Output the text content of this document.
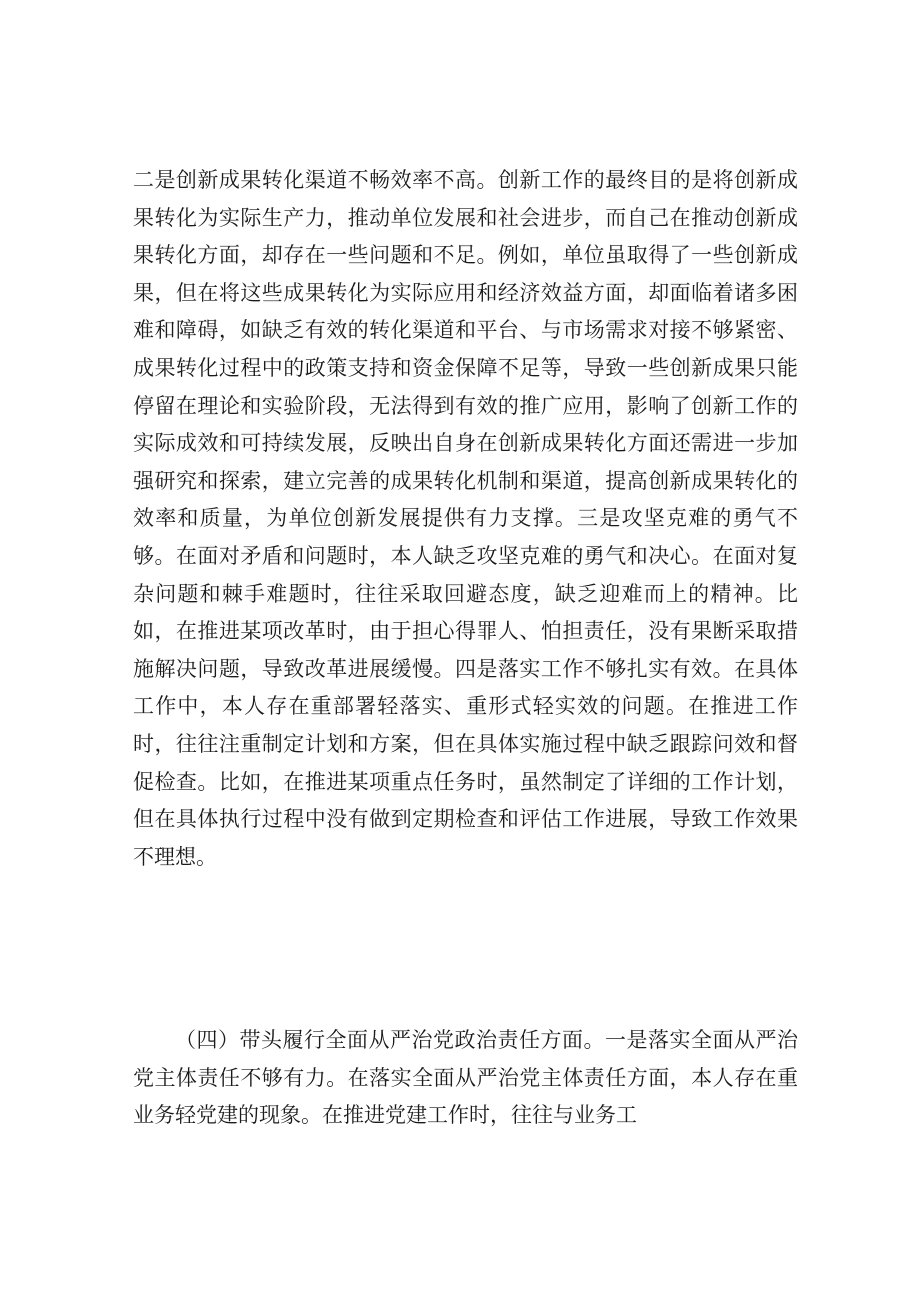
二是创新成果转化渠道不畅效率不高。创新工作的最终目的是将创新成果转化为实际生产力，推动单位发展和社会进步，而自己在推动创新成果转化方面，却存在一些问题和不足。例如，单位虽取得了一些创新成果，但在将这些成果转化为实际应用和经济效益方面，却面临着诸多困难和障碍，如缺乏有效的转化渠道和平台、与市场需求对接不够紧密、成果转化过程中的政策支持和资金保障不足等，导致一些创新成果只能停留在理论和实验阶段，无法得到有效的推广应用，影响了创新工作的实际成效和可持续发展，反映出自身在创新成果转化方面还需进一步加强研究和探索，建立完善的成果转化机制和渠道，提高创新成果转化的效率和质量，为单位创新发展提供有力支撑。三是攻坚克难的勇气不够。在面对矛盾和问题时，本人缺乏攻坚克难的勇气和决心。在面对复杂问题和棘手难题时，往往采取回避态度，缺乏迎难而上的精神。比如，在推进某项改革时，由于担心得罪人、怕担责任，没有果断采取措施解决问题，导致改革进展缓慢。四是落实工作不够扎实有效。在具体工作中，本人存在重部署轻落实、重形式轻实效的问题。在推进工作时，往往注重制定计划和方案，但在具体实施过程中缺乏跟踪问效和督促检查。比如，在推进某项重点任务时，虽然制定了详细的工作计划，但在具体执行过程中没有做到定期检查和评估工作进展，导致工作效果不理想。

（四）带头履行全面从严治党政治责任方面。一是落实全面从严治党主体责任不够有力。在落实全面从严治党主体责任方面，本人存在重业务轻党建的现象。在推进党建工作时，往往与业务工
